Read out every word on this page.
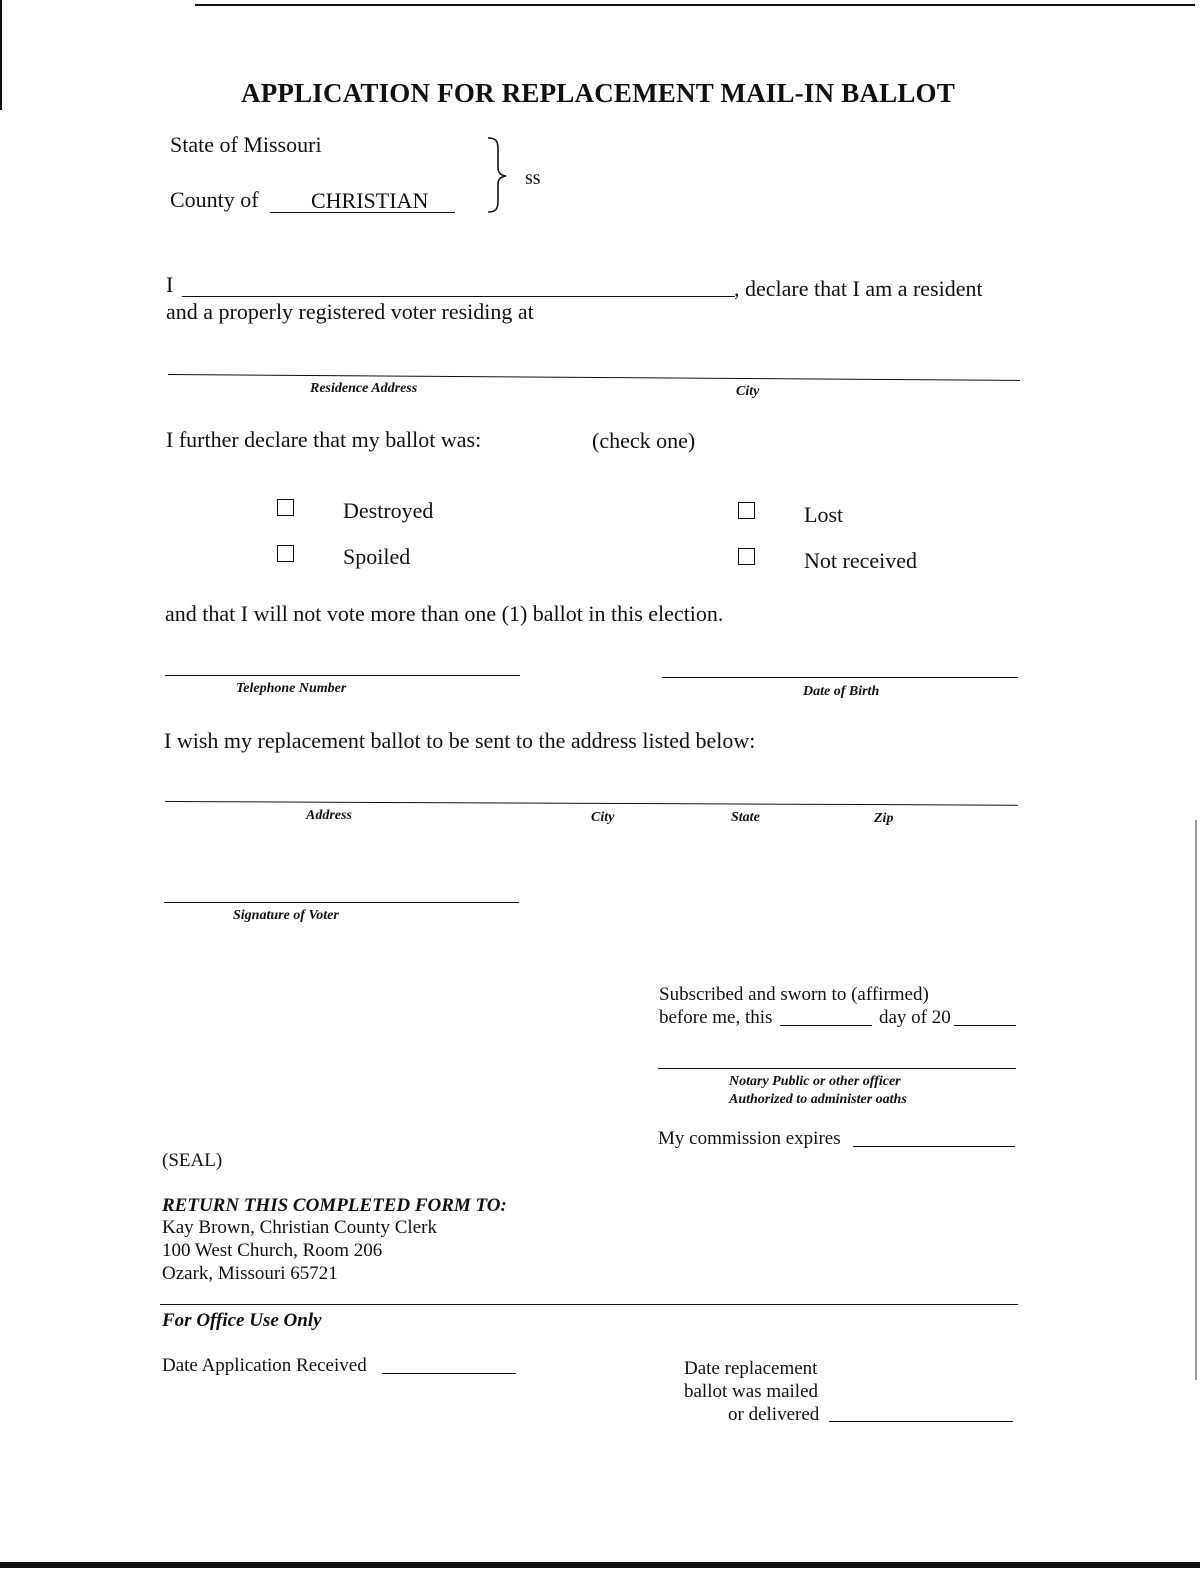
APPLICATION FOR REPLACEMENT MAIL-IN BALLOT
State of Missouri
County of CHRISTIAN
ss
I	, declare that I am a resident
and a properly registered voter residing at
Residence Address	City
I further declare that my ballot was:	(check one)
Destroyed
Spoiled
Lost
Not received
and that I will not vote more than one (1) ballot in this election.
Telephone Number	Date of Birth
I wish my replacement ballot to be sent to the address listed below:
Address	City	State	Zip
Signature of Voter
Subscribed and sworn to (affirmed)
before me, this	day of 20
Notary Public or other officer
Authorized to administer oaths
My commission expires
(SEAL)
RETURN THIS COMPLETED FORM TO:
Kay Brown, Christian County Clerk
100 West Church, Room 206
Ozark, Missouri 65721
For Office Use Only
Date Application Received	Date replacement
ballot was mailed
or delivered
